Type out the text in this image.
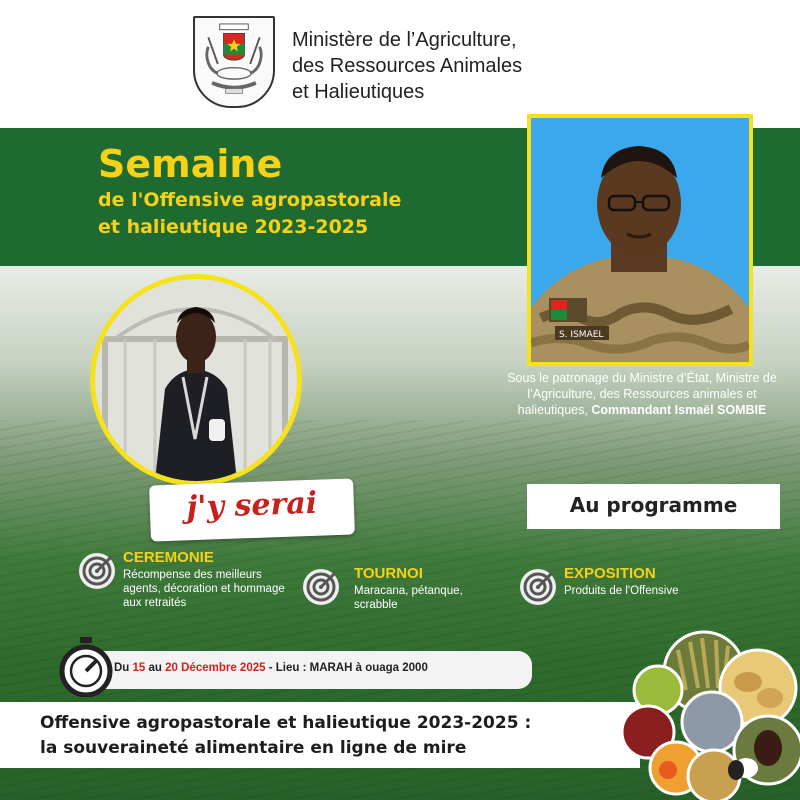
Ministère de l’Agriculture,
des Ressources Animales
et Halieutiques
Semaine
de l'Offensive agropastorale
et halieutique 2023-2025
S. ISMAEL
Sous le patronage du Ministre d’État, Ministre de l’Agriculture, des Ressources animales et halieutiques, Commandant Ismaël SOMBIE
j'y serai	Au programme
CEREMONIE
Récompense des meilleurs agents, décoration et hommage aux retraités
TOURNOI
Maracana, pétanque, scrabble
EXPOSITION
Produits de l'Offensive
Du 15 au 20 Décembre 2025 - Lieu : MARAH à ouaga 2000
Offensive agropastorale et halieutique 2023-2025 :
la souveraineté alimentaire en ligne de mire
